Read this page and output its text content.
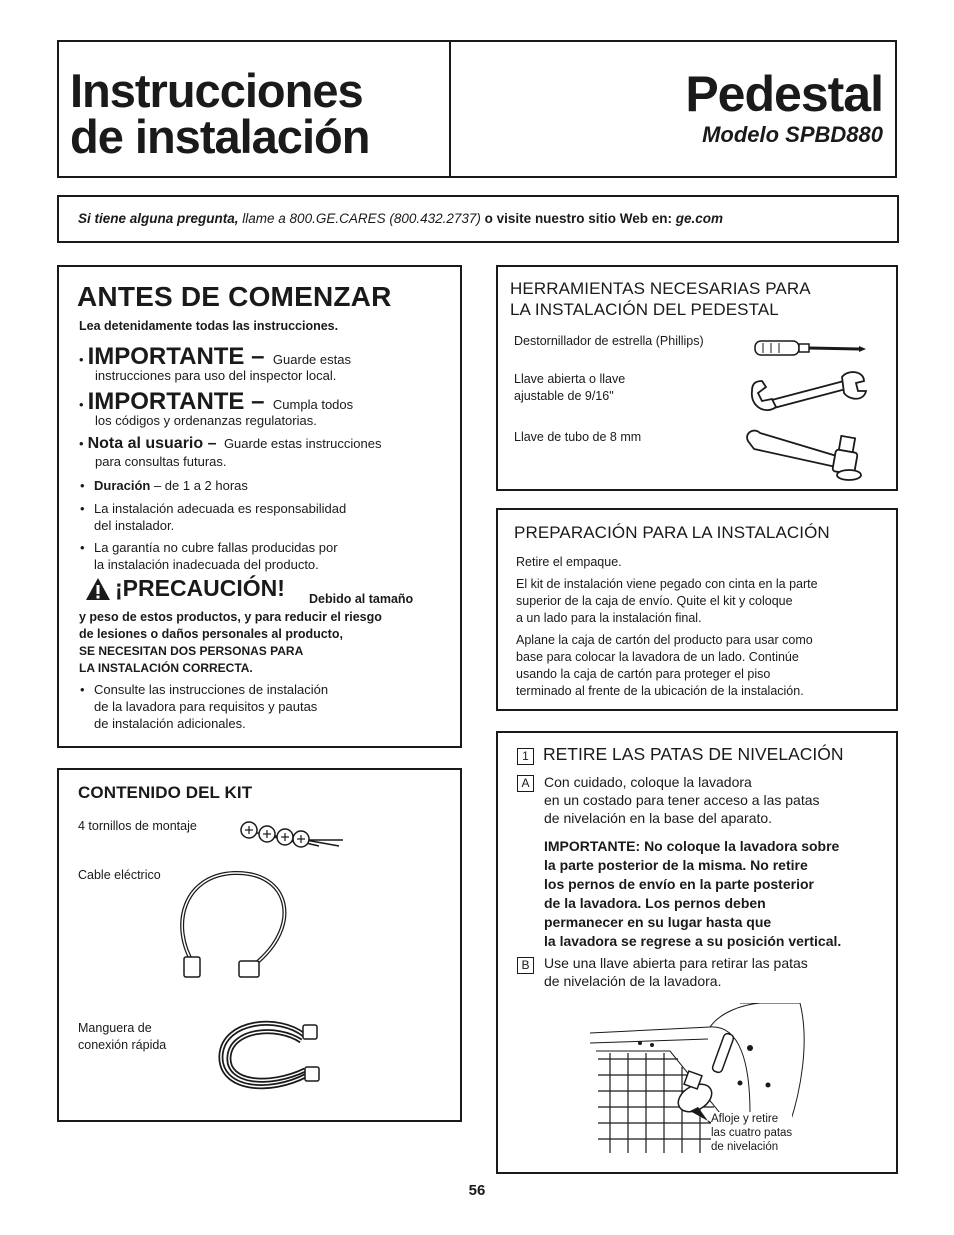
Instrucciones
de instalación
Pedestal
Modelo SPBD880
Si tiene alguna pregunta, llame a 800.GE.CARES (800.432.2737) o visite nuestro sitio Web en: ge.com
ANTES DE COMENZAR
Lea detenidamente todas las instrucciones.
• IMPORTANTE – Guarde estas
instrucciones para uso del inspector local.
• IMPORTANTE – Cumpla todos
los códigos y ordenanzas regulatorias.
• Nota al usuario – Guarde estas instrucciones
para consultas futuras.
• Duración – de 1 a 2 horas
• La instalación adecuada es responsabilidad
del instalador.
• La garantía no cubre fallas producidas por
la instalación inadecuada del producto.
¡PRECAUCIÓN! Debido al tamaño
y peso de estos productos, y para reducir el riesgo
de lesiones o daños personales al producto,
SE NECESITAN DOS PERSONAS PARA
LA INSTALACIÓN CORRECTA.
• Consulte las instrucciones de instalación
de la lavadora para requisitos y pautas
de instalación adicionales.
CONTENIDO DEL KIT
4 tornillos de montaje
Cable eléctrico
Manguera de
conexión rápida
HERRAMIENTAS NECESARIAS PARA
LA INSTALACIÓN DEL PEDESTAL
Destornillador de estrella (Phillips)
Llave abierta o llave
ajustable de 9/16"
Llave de tubo de 8 mm
PREPARACIÓN PARA LA INSTALACIÓN
Retire el empaque.
El kit de instalación viene pegado con cinta en la parte
superior de la caja de envío. Quite el kit y coloque
a un lado para la instalación final.
Aplane la caja de cartón del producto para usar como
base para colocar la lavadora de un lado. Continúe
usando la caja de cartón para proteger el piso
terminado al frente de la ubicación de la instalación.
1 RETIRE LAS PATAS DE NIVELACIÓN
A	Con cuidado, coloque la lavadora
en un costado para tener acceso a las patas
de nivelación en la base del aparato.
IMPORTANTE: No coloque la lavadora sobre
la parte posterior de la misma. No retire
los pernos de envío en la parte posterior
de la lavadora. Los pernos deben
permanecer en su lugar hasta que
la lavadora se regrese a su posición vertical.
B	Use una llave abierta para retirar las patas
de nivelación de la lavadora.
Afloje y retire
las cuatro patas
de nivelación
56
